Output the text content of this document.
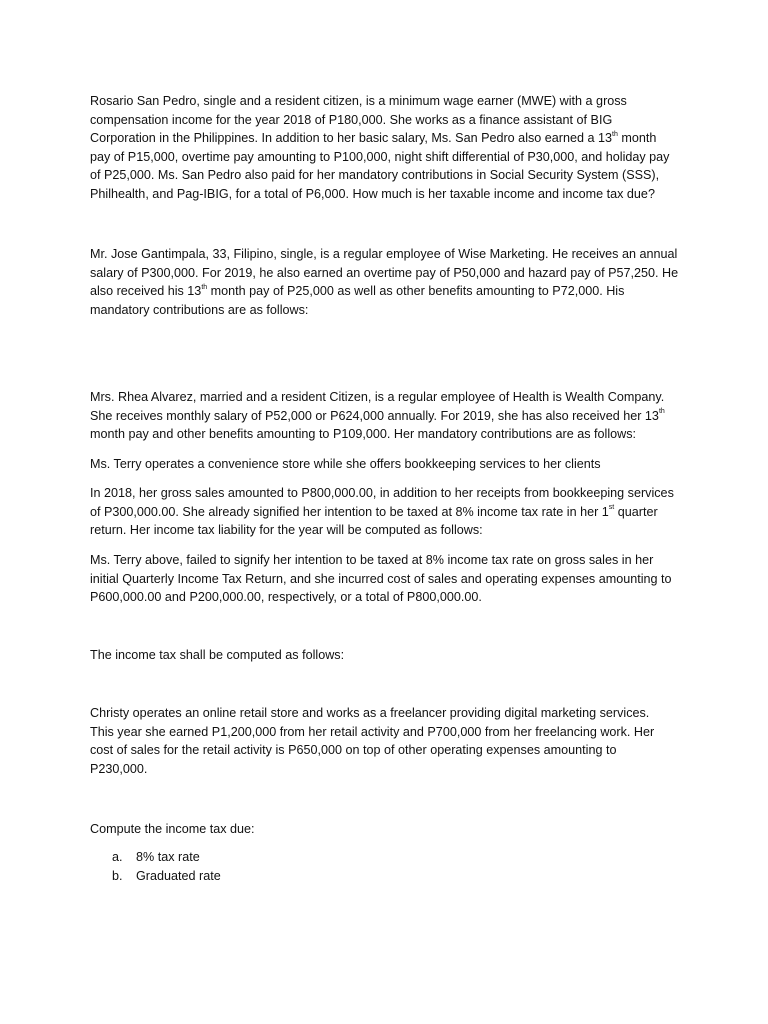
Rosario San Pedro, single and a resident citizen, is a minimum wage earner (MWE) with a gross
compensation income for the year 2018 of P180,000. She works as a finance assistant of BIG
Corporation in the Philippines. In addition to her basic salary, Ms. San Pedro also earned a 13th month
pay of P15,000, overtime pay amounting to P100,000, night shift differential of P30,000, and holiday pay
of P25,000. Ms. San Pedro also paid for her mandatory contributions in Social Security System (SSS),
Philhealth, and Pag-IBIG, for a total of P6,000. How much is her taxable income and income tax due?
Mr. Jose Gantimpala, 33, Filipino, single, is a regular employee of Wise Marketing. He receives an annual
salary of P300,000. For 2019, he also earned an overtime pay of P50,000 and hazard pay of P57,250. He
also received his 13th month pay of P25,000 as well as other benefits amounting to P72,000. His
mandatory contributions are as follows:
Mrs. Rhea Alvarez, married and a resident Citizen, is a regular employee of Health is Wealth Company.
She receives monthly salary of P52,000 or P624,000 annually. For 2019, she has also received her 13th
month pay and other benefits amounting to P109,000. Her mandatory contributions are as follows:
Ms. Terry operates a convenience store while she offers bookkeeping services to her clients
In 2018, her gross sales amounted to P800,000.00, in addition to her receipts from bookkeeping services
of P300,000.00. She already signified her intention to be taxed at 8% income tax rate in her 1st quarter
return. Her income tax liability for the year will be computed as follows:
Ms. Terry above, failed to signify her intention to be taxed at 8% income tax rate on gross sales in her
initial Quarterly Income Tax Return, and she incurred cost of sales and operating expenses amounting to
P600,000.00 and P200,000.00, respectively, or a total of P800,000.00.
The income tax shall be computed as follows:
Christy operates an online retail store and works as a freelancer providing digital marketing services.
This year she earned P1,200,000 from her retail activity and P700,000 from her freelancing work. Her
cost of sales for the retail activity is P650,000 on top of other operating expenses amounting to
P230,000.
Compute the income tax due:
a.	8% tax rate
b.	Graduated rate
